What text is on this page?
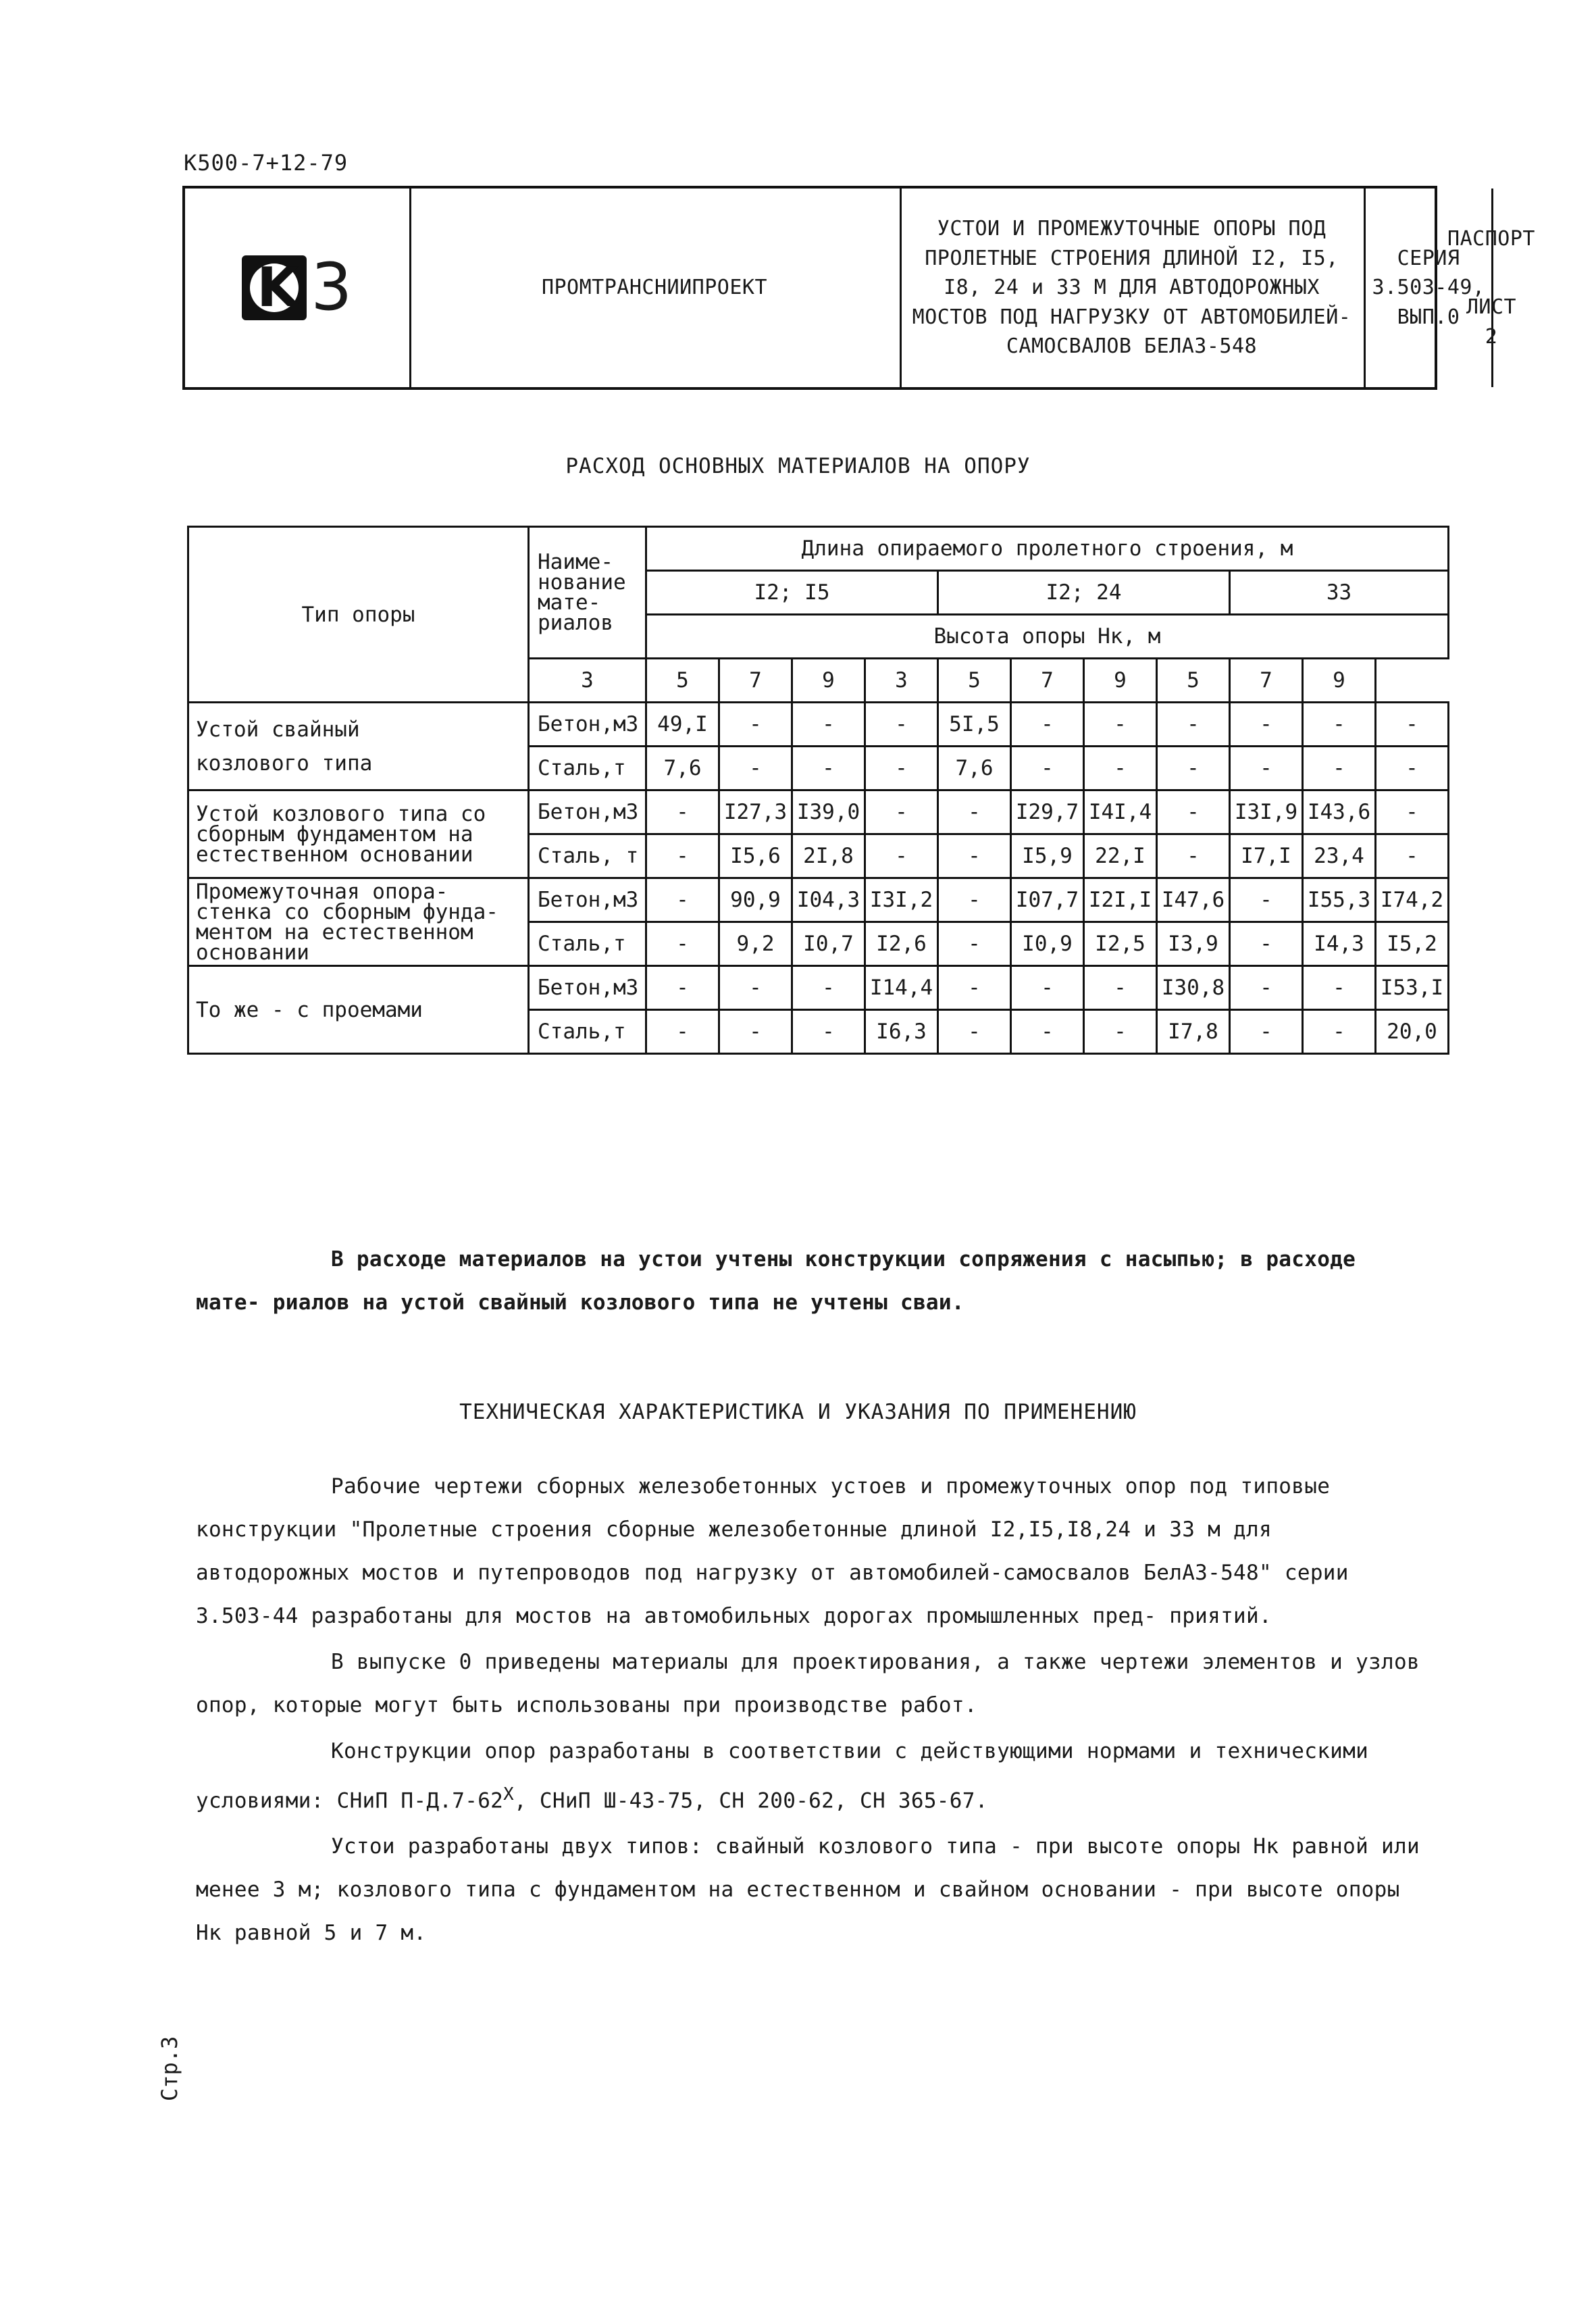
К500-7+12-79
K 3	ПРОМТРАНСНИИПРОЕКТ
УСТОИ И ПРОМЕЖУТОЧНЫЕ ОПОРЫ ПОД
ПРОЛЕТНЫЕ СТРОЕНИЯ ДЛИНОЙ I2, I5,
I8, 24 и 33 М ДЛЯ АВТОДОРОЖНЫХ
МОСТОВ ПОД НАГРУЗКУ ОТ АВТОМОБИЛЕЙ-
САМОСВАЛОВ БЕЛАЗ-548
СЕРИЯ
3.503-49,
ВЫП.0
ПАСПОРТ
ЛИСТ 2
РАСХОД ОСНОВНЫХ МАТЕРИАЛОВ НА ОПОРУ
Тип опоры	Наиме-
нование
мате-
риалов	Длина опираемого пролетного строения, м										
		I2; I5				I2; 24				33		
		Высота опоры Нк, м										
	3	5	7	9	3	5	7	9	5	7	9	
Устой свайный
козлового типа	Бетон,м3	49,I	-	-	-	5I,5	-	-	-	-	-	-
	Сталь,т	7,6	-	-	-	7,6	-	-	-	-	-	-
Устой козлового типа со
сборным фундаментом на
естественном основании	Бетон,м3	-	I27,3	I39,0	-	-	I29,7	I4I,4	-	I3I,9	I43,6	-
	Сталь, т	-	I5,6	2I,8	-	-	I5,9	22,I	-	I7,I	23,4	-
Промежуточная опора-
стенка со сборным фунда-
ментом на естественном
основании	Бетон,м3	-	90,9	I04,3	I3I,2	-	I07,7	I2I,I	I47,6	-	I55,3	I74,2
	Сталь,т	-	9,2	I0,7	I2,6	-	I0,9	I2,5	I3,9	-	I4,3	I5,2
То же - с проемами	Бетон,м3	-	-	-	I14,4	-	-	-	I30,8	-	-	I53,I
	Сталь,т	-	-	-	I6,3	-	-	-	I7,8	-	-	20,0
В расходе материалов на устои учтены конструкции сопряжения с насыпью; в расходе мате- риалов на устой свайный козлового типа не учтены сваи.
ТЕХНИЧЕСКАЯ ХАРАКТЕРИСТИКА И УКАЗАНИЯ ПО ПРИМЕНЕНИЮ

Рабочие чертежи сборных железобетонных устоев и промежуточных опор под типовые конструкции "Пролетные строения сборные железобетонные длиной I2,I5,I8,24 и 33 м для автодорожных мостов и путепроводов под нагрузку от автомобилей-самосвалов БелАЗ-548" серии 3.503-44 разработаны для мостов на автомобильных дорогах промышленных пред- приятий.

В выпуске 0 приведены материалы для проектирования, а также чертежи элементов и узлов опор, которые могут быть использованы при производстве работ.

Конструкции опор разработаны в соответствии с действующими нормами и техническими условиями: СНиП $П-Д.7-62^Х$, СНиП Ш-43-75, СН 200-62, СН 365-67.

Устои разработаны двух типов: свайный козлового типа - при высоте опоры Нк равной или менее 3 м; козлового типа с фундаментом на естественном и свайном основании - при высоте опоры Нк равной 5 и 7 м.

Стр.3
